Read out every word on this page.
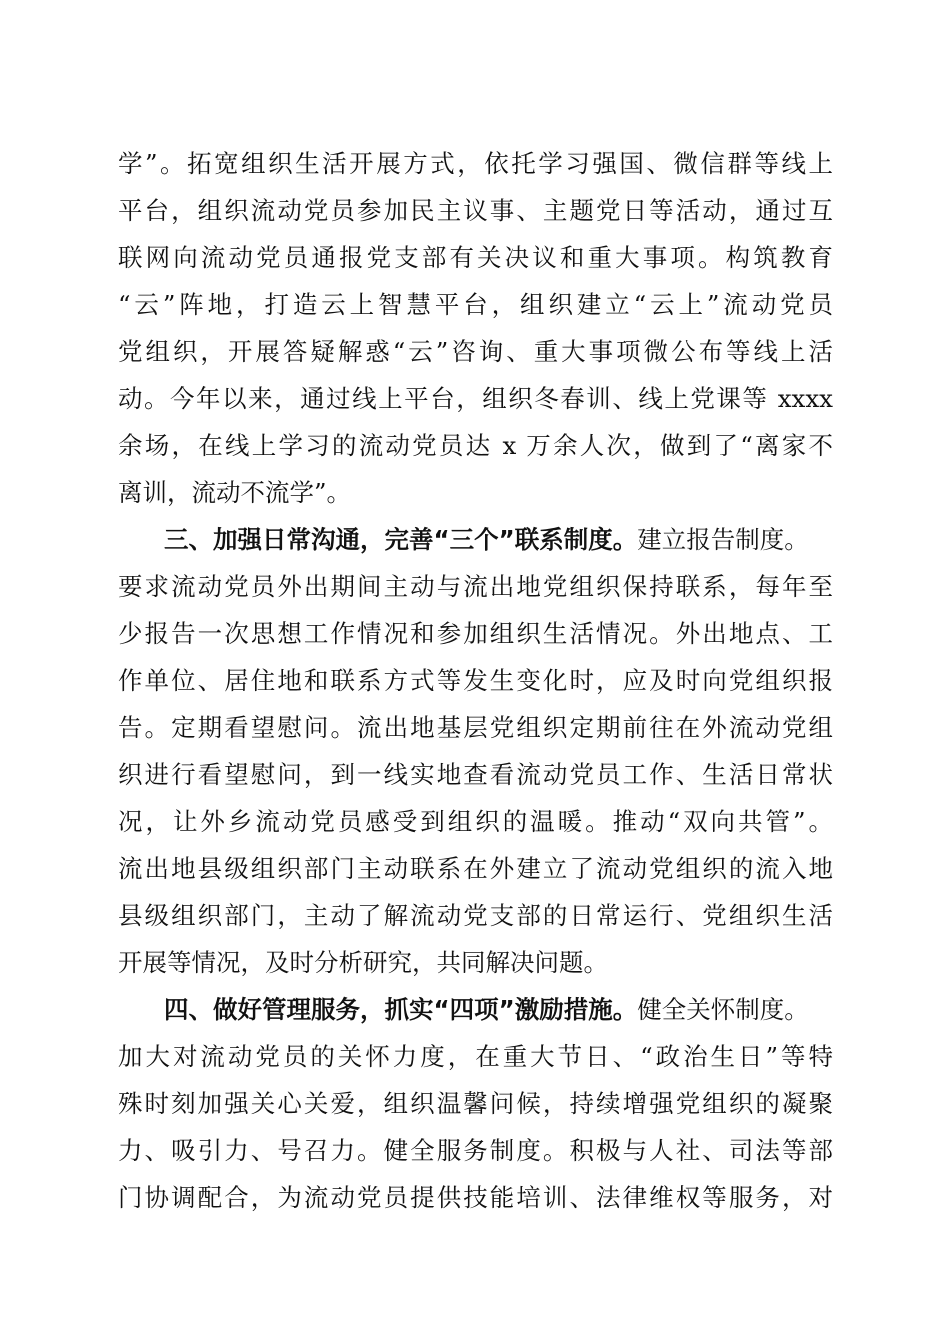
学”。拓宽组织生活开展方式，依托学习强国、微信群等线上
平台，组织流动党员参加民主议事、主题党日等活动，通过互
联网向流动党员通报党支部有关决议和重大事项。构筑教育
“云”阵地，打造云上智慧平台，组织建立“云上”流动党员
党组织，开展答疑解惑“云”咨询、重大事项微公布等线上活
动。今年以来，通过线上平台，组织冬春训、线上党课等 xxxx
余场，在线上学习的流动党员达 x 万余人次，做到了“离家不
离训，流动不流学”。
三、加强日常沟通，完善“三个”联系制度。建立报告制度。
要求流动党员外出期间主动与流出地党组织保持联系，每年至
少报告一次思想工作情况和参加组织生活情况。外出地点、工
作单位、居住地和联系方式等发生变化时，应及时向党组织报
告。定期看望慰问。流出地基层党组织定期前往在外流动党组
织进行看望慰问，到一线实地查看流动党员工作、生活日常状
况，让外乡流动党员感受到组织的温暖。推动“双向共管”。
流出地县级组织部门主动联系在外建立了流动党组织的流入地
县级组织部门，主动了解流动党支部的日常运行、党组织生活
开展等情况，及时分析研究，共同解决问题。
四、做好管理服务，抓实“四项”激励措施。健全关怀制度。
加大对流动党员的关怀力度，在重大节日、“政治生日”等特
殊时刻加强关心关爱，组织温馨问候，持续增强党组织的凝聚
力、吸引力、号召力。健全服务制度。积极与人社、司法等部
门协调配合，为流动党员提供技能培训、法律维权等服务，对
